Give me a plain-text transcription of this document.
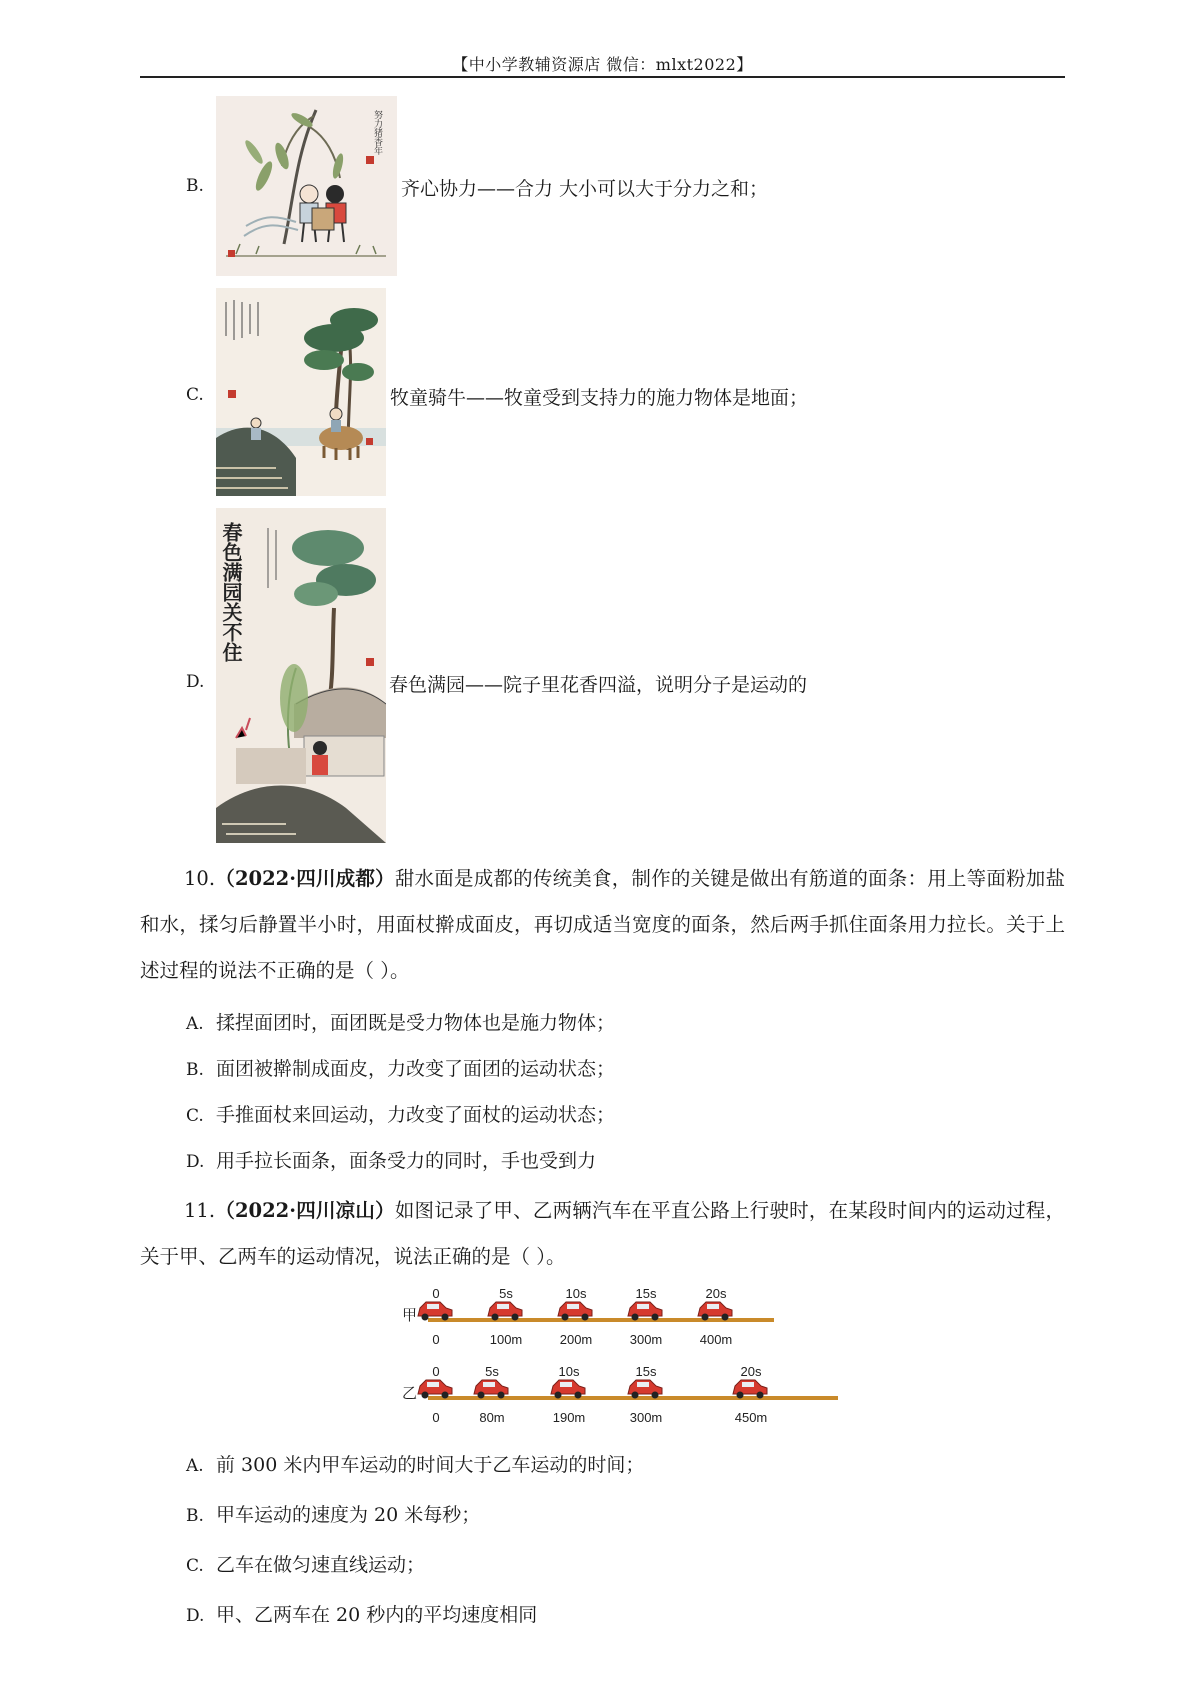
【中小学教辅资源店 微信：mlxt2022】
B.
努力猪香年
齐心协力——合力 大小可以大于分力之和；
C.	牧童骑牛——牧童受到支持力的施力物体是地面；
D.
春色满园关不住
春色满园——院子里花香四溢，说明分子是运动的
10.（2022·四川成都）甜水面是成都的传统美食，制作的关键是做出有筋道的面条：用上等面粉加盐和水，揉匀后静置半小时，用面杖擀成面皮，再切成适当宽度的面条，然后两手抓住面条用力拉长。关于上述过程的说法不正确的是（ ）。
A. 揉捏面团时，面团既是受力物体也是施力物体；
B. 面团被擀制成面皮，力改变了面团的运动状态；
C. 手推面杖来回运动，力改变了面杖的运动状态；
D. 用手拉长面条，面条受力的同时，手也受到力
11.（2022·四川凉山）如图记录了甲、乙两辆汽车在平直公路上行驶时，在某段时间内的运动过程，关于甲、乙两车的运动情况，说法正确的是（ ）。
甲
乙
0
0
5s
100m
10s
200m
15s
300m
20s
400m
0
0
5s
80m
10s
190m
15s
300m
20s
450m
A. 前 300 米内甲车运动的时间大于乙车运动的时间；
B. 甲车运动的速度为 20 米每秒；
C. 乙车在做匀速直线运动；
D. 甲、乙两车在 20 秒内的平均速度相同
